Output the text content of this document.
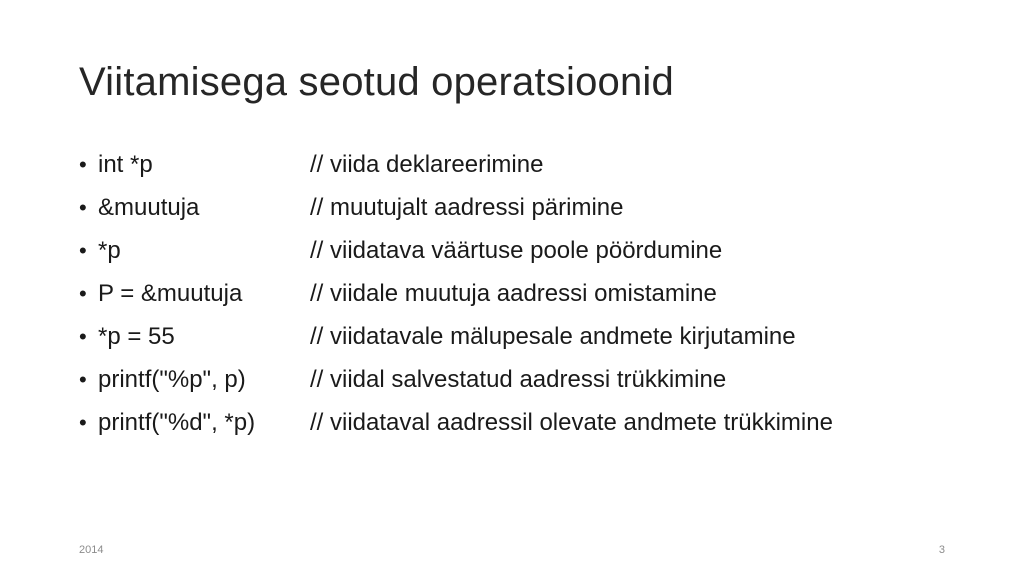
Viitamisega seotud operatsioonid
• int *p	// viida deklareerimine
• &muutuja	// muutujalt aadressi pärimine
• *p	// viidatava väärtuse poole pöördumine
• P = &muutuja	// viidale muutuja aadressi omistamine
• *p = 55	// viidatavale mälupesale andmete kirjutamine
• printf("%p", p)	// viidal salvestatud aadressi trükkimine
• printf("%d", *p)	// viidataval aadressil olevate andmete trükkimine
2014	3
